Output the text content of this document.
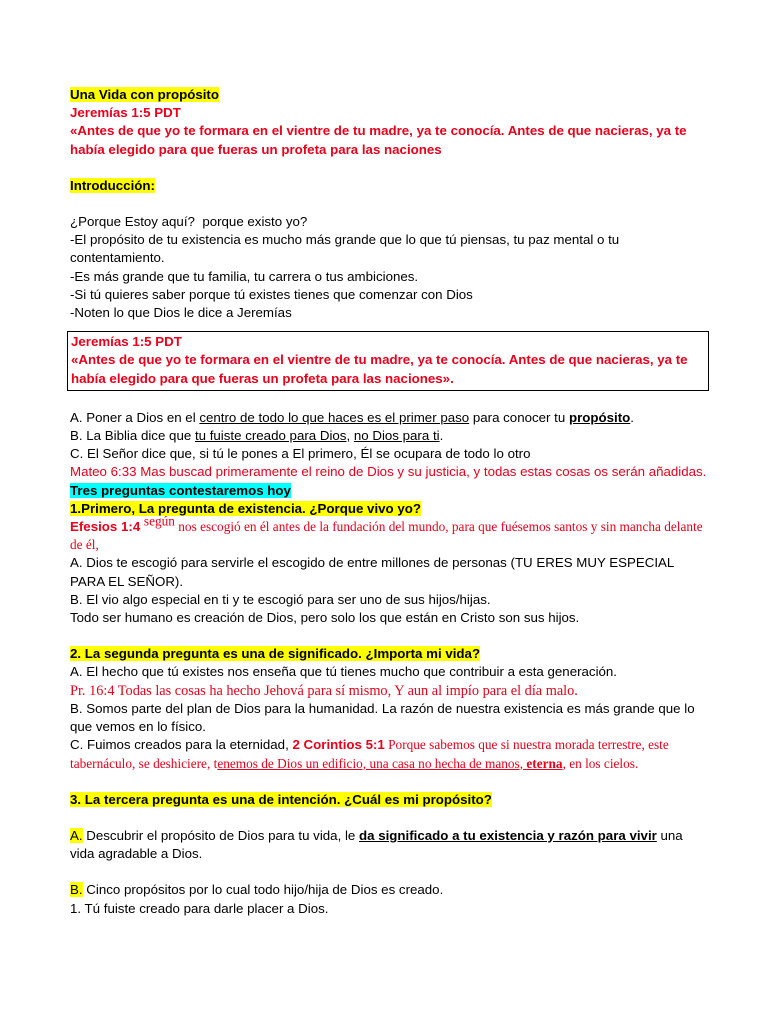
Una Vida con propósito
Jeremías 1:5 PDT
«Antes de que yo te formara en el vientre de tu madre, ya te conocía. Antes de que nacieras, ya te había elegido para que fueras un profeta para las naciones
Introducción:
¿Porque Estoy aquí? porque existo yo?
-El propósito de tu existencia es mucho más grande que lo que tú piensas, tu paz mental o tu contentamiento.
-Es más grande que tu familia, tu carrera o tus ambiciones.
-Si tú quieres saber porque tú existes tienes que comenzar con Dios
-Noten lo que Dios le dice a Jeremías
Jeremías 1:5 PDT
«Antes de que yo te formara en el vientre de tu madre, ya te conocía. Antes de que nacieras, ya te había elegido para que fueras un profeta para las naciones».
A. Poner a Dios en el centro de todo lo que haces es el primer paso para conocer tu propósito.
B. La Biblia dice que tu fuiste creado para Dios, no Dios para ti.
C. El Señor dice que, si tú le pones a El primero, Él se ocupara de todo lo otro
Mateo 6:33 Mas buscad primeramente el reino de Dios y su justicia, y todas estas cosas os serán añadidas.
Tres preguntas contestaremos hoy
1.Primero, La pregunta de existencia. ¿Porque vivo yo?
Efesios 1:4 $^{según}$ nos escogió en él antes de la fundación del mundo, para que fuésemos santos y sin mancha delante de él,
A. Dios te escogió para servirle el escogido de entre millones de personas (TU ERES MUY ESPECIAL PARA EL SEÑOR).
B. El vio algo especial en ti y te escogió para ser uno de sus hijos/hijas.
Todo ser humano es creación de Dios, pero solo los que están en Cristo son sus hijos.
2. La segunda pregunta es una de significado. ¿Importa mi vida?
A. El hecho que tú existes nos enseña que tú tienes mucho que contribuir a esta generación.
Pr. 16:4 Todas las cosas ha hecho Jehová para sí mismo, Y aun al impío para el día malo.
B. Somos parte del plan de Dios para la humanidad. La razón de nuestra existencia es más grande que lo que vemos en lo físico.
C. Fuimos creados para la eternidad, 2 Corintios 5:1 Porque sabemos que si nuestra morada terrestre, este tabernáculo, se deshiciere, tenemos de Dios un edificio, una casa no hecha de manos, eterna, en los cielos.
3. La tercera pregunta es una de intención. ¿Cuál es mi propósito?
A. Descubrir el propósito de Dios para tu vida, le da significado a tu existencia y razón para vivir una vida agradable a Dios.
B. Cinco propósitos por lo cual todo hijo/hija de Dios es creado.
1. Tú fuiste creado para darle placer a Dios.
